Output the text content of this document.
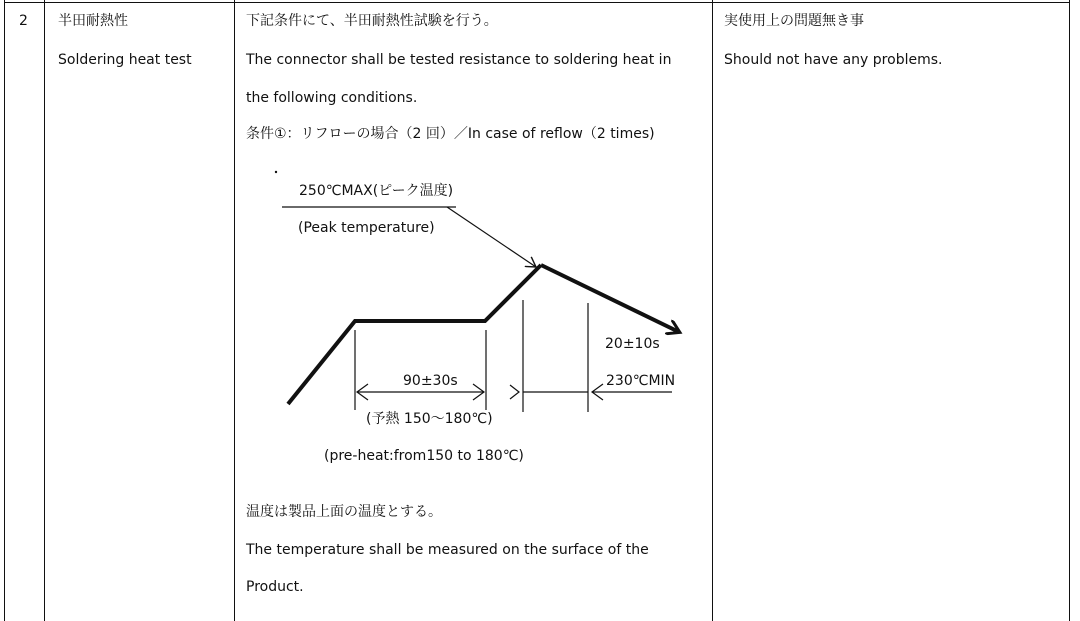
2 半田耐熱性
Soldering heat test
下記条件にて、半田耐熱性試験を行う。
The connector shall be tested resistance to soldering heat in
the following conditions.
条件①：リフローの場合（2 回）／In case of reflow（2 times)
250℃MAX(ピーク温度)
(Peak temperature)
90±30s
(予熱 150～180℃)
(pre-heat:from150 to 180℃)
20±10s
230℃MIN
温度は製品上面の温度とする。
The temperature shall be measured on the surface of the
Product.
実使用上の問題無き事
Should not have any problems.
